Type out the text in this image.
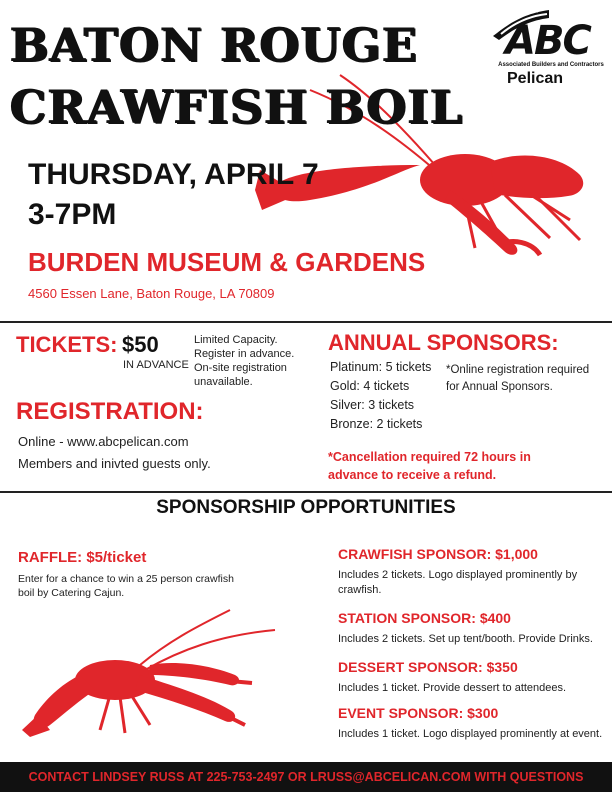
BATON ROUGE
CRAWFISH BOIL
THURSDAY, APRIL 7
3-7PM
BURDEN MUSEUM & GARDENS
4560 Essen Lane, Baton Rouge, LA 70809
ABC
Associated Builders and Contractors
Pelican
TICKETS: $50
IN ADVANCE
Limited Capacity.
Register in advance.
On-site registration
unavailable.
REGISTRATION:
Online - www.abcpelican.com
Members and inivted guests only.
ANNUAL SPONSORS:
Platinum: 5 tickets
Gold: 4 tickets
Silver: 3 tickets
Bronze: 2 tickets
*Online registration required
for Annual Sponsors.
*Cancellation required 72 hours in
advance to receive a refund.
SPONSORSHIP OPPORTUNITIES
RAFFLE: $5/ticket
Enter for a chance to win a 25 person crawfish
boil by Catering Cajun.
CRAWFISH SPONSOR: $1,000
Includes 2 tickets. Logo displayed prominently by
crawfish.
STATION SPONSOR: $400
Includes 2 tickets. Set up tent/booth. Provide Drinks.
DESSERT SPONSOR: $350
Includes 1 ticket. Provide dessert to attendees.
EVENT SPONSOR: $300
Includes 1 ticket. Logo displayed prominently at event.
CONTACT LINDSEY RUSS AT 225-753-2497 OR LRUSS@ABCELICAN.COM WITH QUESTIONS
